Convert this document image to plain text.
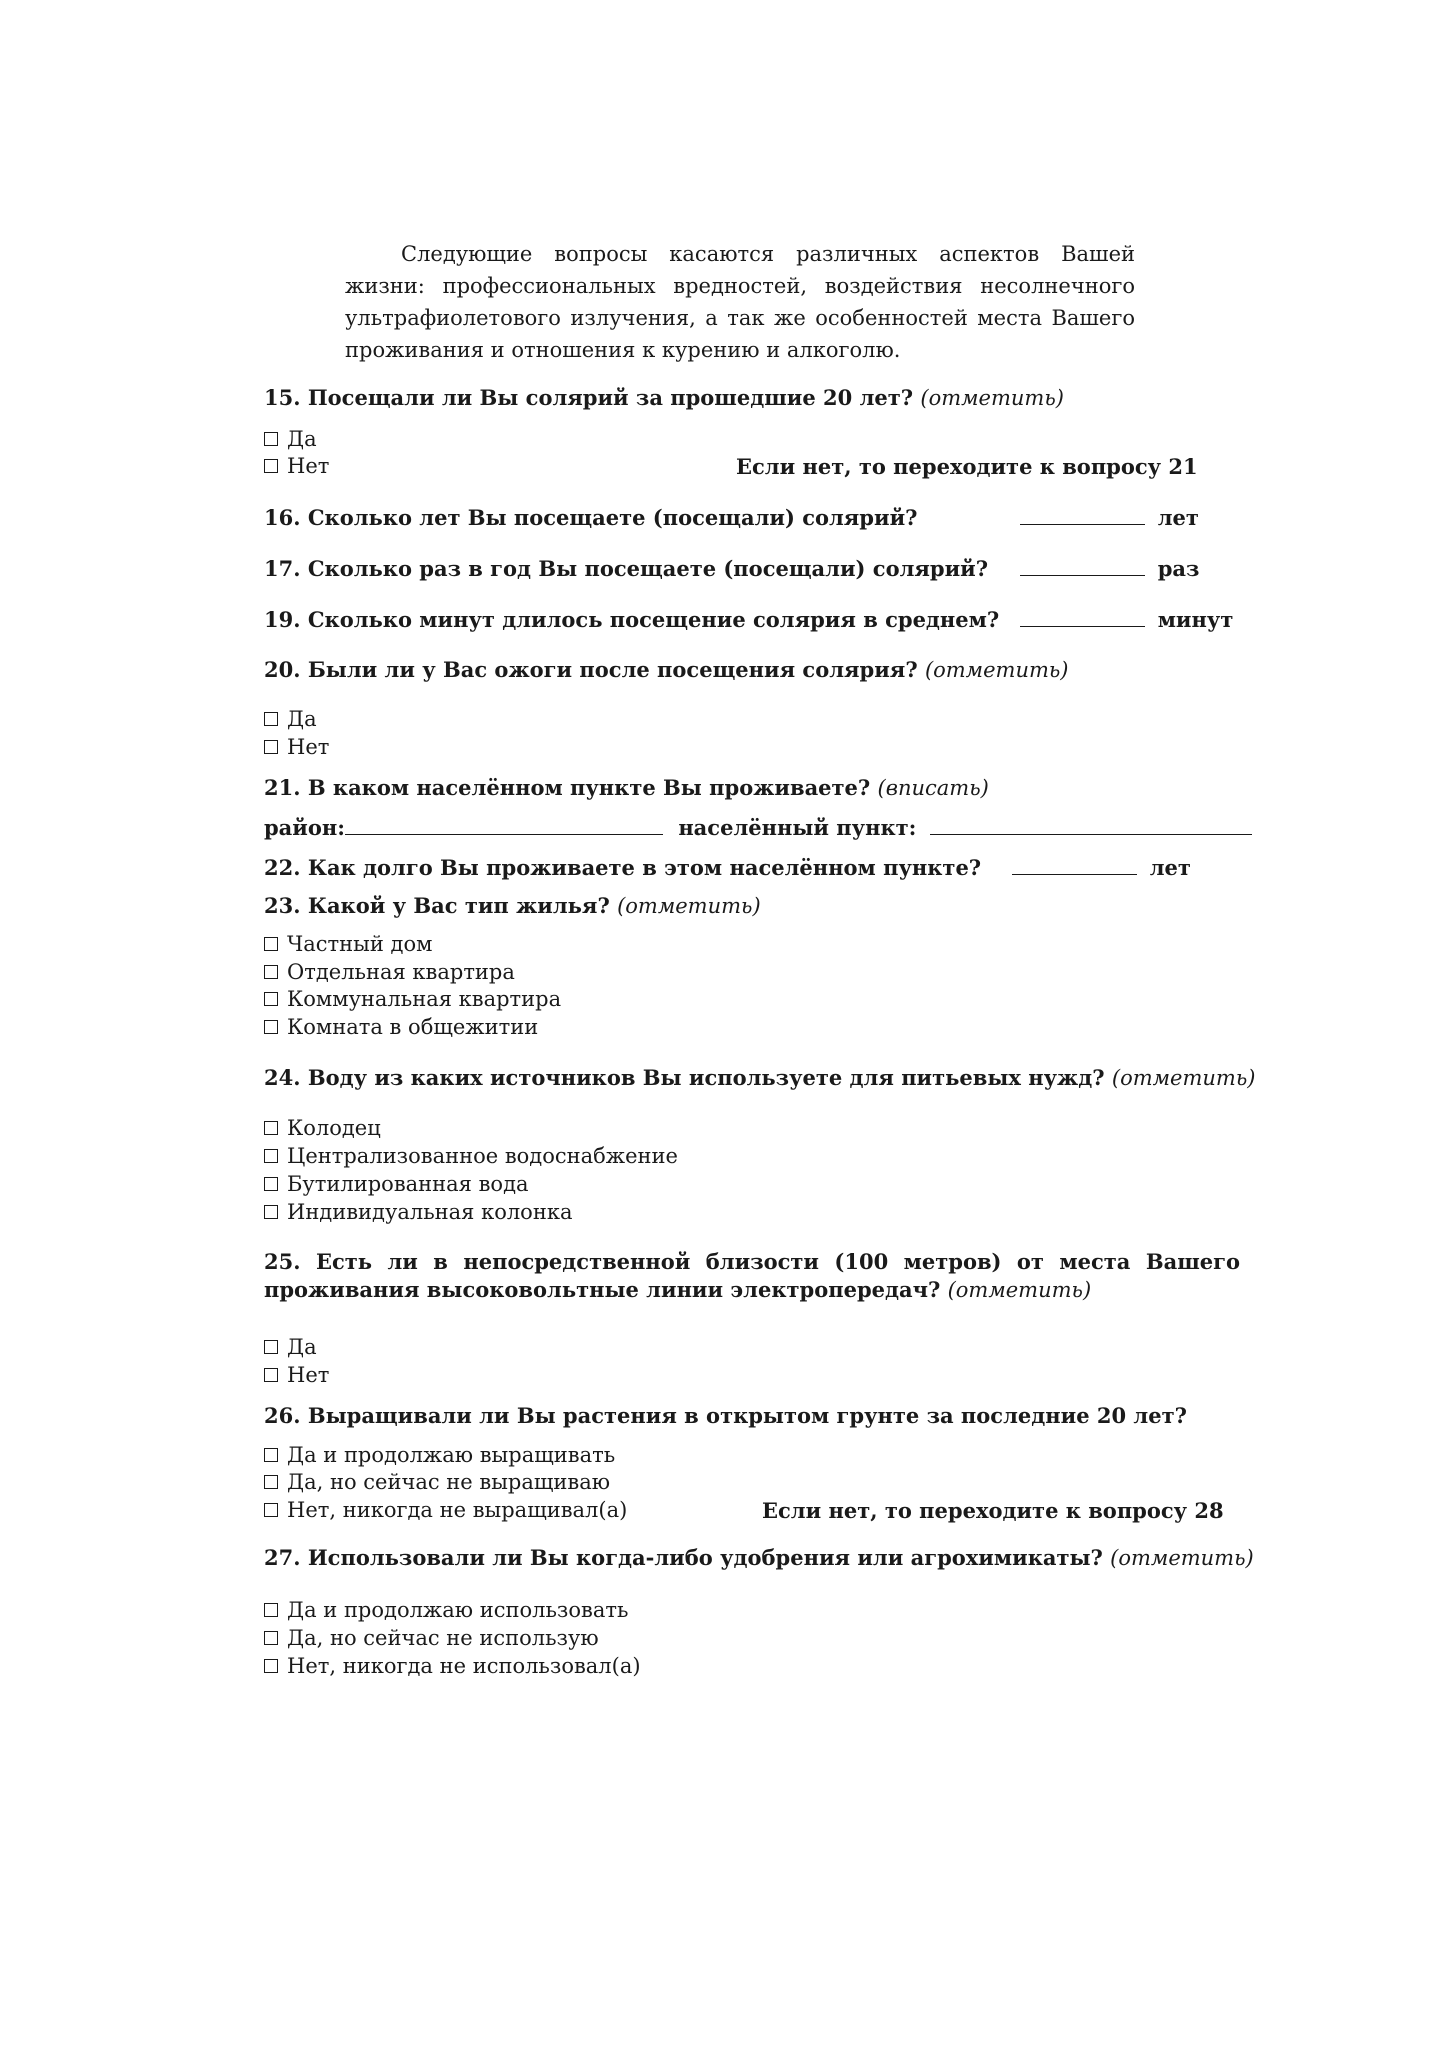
Следующие вопросы касаются различных аспектов Вашей
жизни: профессиональных вредностей, воздействия несолнечного
ультрафиолетового излучения, а так же особенностей места Вашего
проживания и отношения к курению и алкоголю.
15. Посещали ли Вы солярий за прошедшие 20 лет? (отметить)
Да
Нет	Если нет, то переходите к вопросу 21
16. Сколько лет Вы посещаете (посещали) солярий?	лет
17. Сколько раз в год Вы посещаете (посещали) солярий?	раз
19. Сколько минут длилось посещение солярия в среднем?	минут
20. Были ли у Вас ожоги после посещения солярия? (отметить)
Да
Нет
21. В каком населённом пункте Вы проживаете? (вписать)
район:	населённый пункт:
22. Как долго Вы проживаете в этом населённом пункте?	лет
23. Какой у Вас тип жилья? (отметить)
Частный дом
Отдельная квартира
Коммунальная квартира
Комната в общежитии
24. Воду из каких источников Вы используете для питьевых нужд? (отметить)
Колодец
Централизованное водоснабжение
Бутилированная вода
Индивидуальная колонка
25. Есть ли в непосредственной близости (100 метров) от места Вашего
проживания высоковольтные линии электропередач? (отметить)
Да
Нет
26. Выращивали ли Вы растения в открытом грунте за последние 20 лет?
Да и продолжаю выращивать
Да, но сейчас не выращиваю
Нет, никогда не выращивал(а)	Если нет, то переходите к вопросу 28
27. Использовали ли Вы когда-либо удобрения или агрохимикаты? (отметить)
Да и продолжаю использовать
Да, но сейчас не использую
Нет, никогда не использовал(а)
